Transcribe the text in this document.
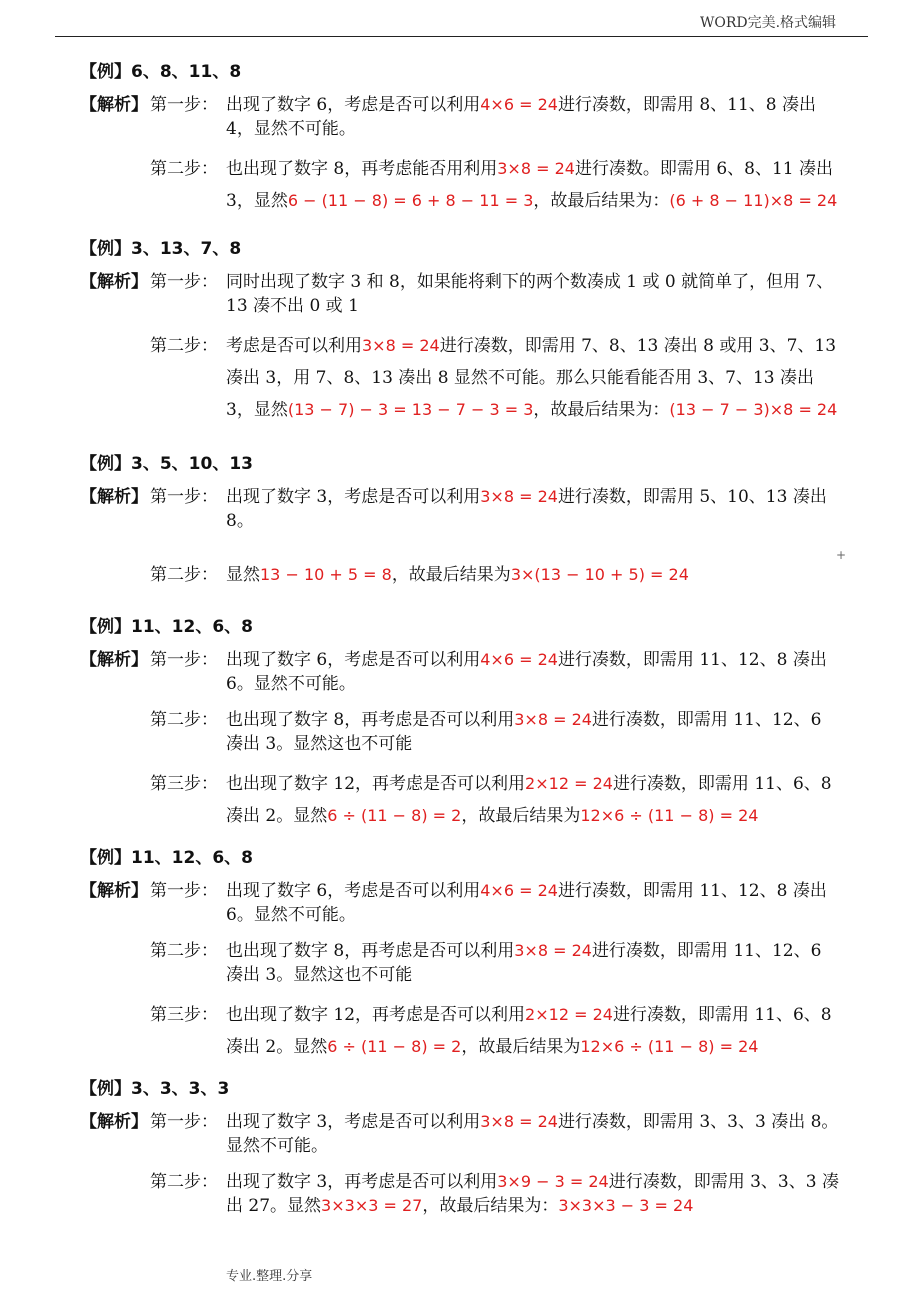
WORD完美.格式编辑

【例】6、8、11、8

【解析】 第一步： 出现了数字 6，考虑是否可以利用4×6 = 24进行凑数，即需用 8、11、8 凑出 4，显然不可能。
第二步： 也出现了数字 8，再考虑能否用利用3×8 = 24进行凑数。即需用 6、8、11 凑出 3，显然6 − (11 − 8) = 6 + 8 − 11 = 3，故最后结果为：(6 + 8 − 11)×8 = 24

【例】3、13、7、8

【解析】 第一步： 同时出现了数字 3 和 8，如果能将剩下的两个数凑成 1 或 0 就简单了，但用 7、13 凑不出 0 或 1
第二步： 考虑是否可以利用3×8 = 24进行凑数，即需用 7、8、13 凑出 8 或用 3、7、13 凑出 3，用 7、8、13 凑出 8 显然不可能。那么只能看能否用 3、7、13 凑出 3，显然(13 − 7) − 3 = 13 − 7 − 3 = 3，故最后结果为：(13 − 7 − 3)×8 = 24

【例】3、5、10、13

【解析】 第一步： 出现了数字 3，考虑是否可以利用3×8 = 24进行凑数，即需用 5、10、13 凑出 8。
第二步： 显然13 − 10 + 5 = 8，故最后结果为3×(13 − 10 + 5) = 24

【例】11、12、6、8

【解析】 第一步： 出现了数字 6，考虑是否可以利用4×6 = 24进行凑数，即需用 11、12、8 凑出 6。显然不可能。
第二步： 也出现了数字 8，再考虑是否可以利用3×8 = 24进行凑数，即需用 11、12、6 凑出 3。显然这也不可能
第三步： 也出现了数字 12，再考虑是否可以利用2×12 = 24进行凑数，即需用 11、6、8 凑出 2。显然6 ÷ (11 − 8) = 2，故最后结果为12×6 ÷ (11 − 8) = 24

【例】11、12、6、8

【解析】 第一步： 出现了数字 6，考虑是否可以利用4×6 = 24进行凑数，即需用 11、12、8 凑出 6。显然不可能。
第二步： 也出现了数字 8，再考虑是否可以利用3×8 = 24进行凑数，即需用 11、12、6 凑出 3。显然这也不可能
第三步： 也出现了数字 12，再考虑是否可以利用2×12 = 24进行凑数，即需用 11、6、8 凑出 2。显然6 ÷ (11 − 8) = 2，故最后结果为12×6 ÷ (11 − 8) = 24

【例】3、3、3、3

【解析】 第一步： 出现了数字 3，考虑是否可以利用3×8 = 24进行凑数，即需用 3、3、3 凑出 8。显然不可能。
第二步： 出现了数字 3，再考虑是否可以利用3×9 − 3 = 24进行凑数，即需用 3、3、3 凑出 27。显然3×3×3 = 27，故最后结果为：3×3×3 − 3 = 24
+
专业.整理.分享
